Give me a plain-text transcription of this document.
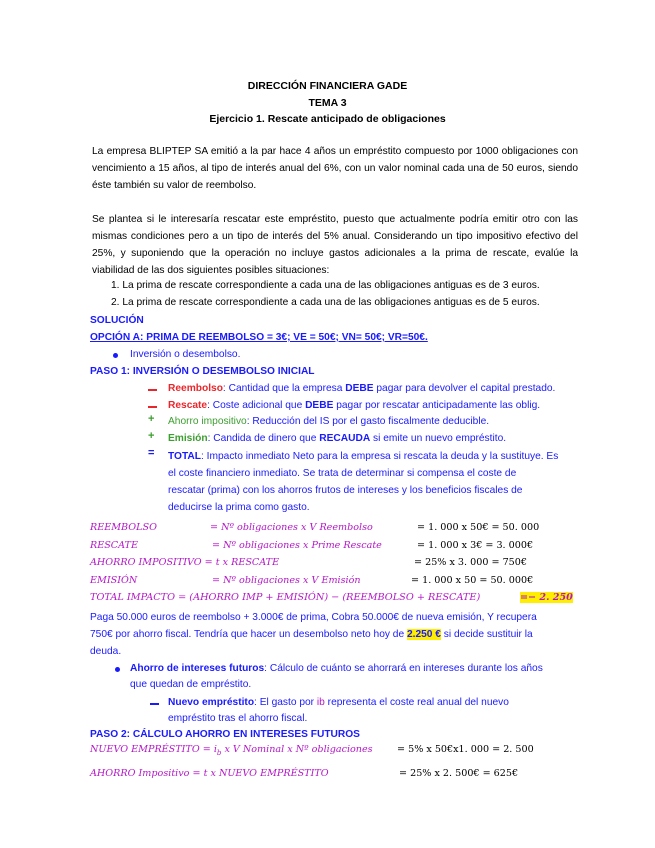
DIRECCIÓN FINANCIERA GADE
TEMA 3
Ejercicio 1. Rescate anticipado de obligaciones
La empresa BLIPTEP SA emitió a la par hace 4 años un empréstito compuesto por 1000 obligaciones con vencimiento a 15 años, al tipo de interés anual del 6%, con un valor nominal cada una de 50 euros, siendo éste también su valor de reembolso.
Se plantea si le interesaría rescatar este empréstito, puesto que actualmente podría emitir otro con las mismas condiciones pero a un tipo de interés del 5% anual. Considerando un tipo impositivo efectivo del 25%, y suponiendo que la operación no incluye gastos adicionales a la prima de rescate, evalúe la viabilidad de las dos siguientes posibles situaciones:
1. La prima de rescate correspondiente a cada una de las obligaciones antiguas es de 3 euros.
2. La prima de rescate correspondiente a cada una de las obligaciones antiguas es de 5 euros.
SOLUCIÓN
OPCIÓN A: PRIMA DE REEMBOLSO = 3€; VE = 50€; VN= 50€; VR=50€.
Inversión o desembolso.
PASO 1: INVERSIÓN O DESEMBOLSO INICIAL
Reembolso: Cantidad que la empresa DEBE pagar para devolver el capital prestado.
Rescate: Coste adicional que DEBE pagar por rescatar anticipadamente las oblig.
+ Ahorro impositivo: Reducción del IS por el gasto fiscalmente deducible.
+ Emisión: Candida de dinero que RECAUDA si emite un nuevo empréstito.
= TOTAL: Impacto inmediato Neto para la empresa si rescata la deuda y la sustituye. Es
el coste financiero inmediato. Se trata de determinar si compensa el coste de
rescatar (prima) con los ahorros frutos de intereses y los beneficios fiscales de
deducirse la prima como gasto.
REEMBOLSO	= Nº obligaciones x V Reembolso	= 1. 000 x 50€ = 50. 000
RESCATE	= Nº obligaciones x Prime Rescate	= 1. 000 x 3€ = 3. 000€
AHORRO IMPOSITIVO = t x RESCATE	= 25% x 3. 000 = 750€
EMISIÓN	= Nº obligaciones x V Emisión	= 1. 000 x 50 = 50. 000€
TOTAL IMPACTO = (AHORRO IMP + EMISIÓN) − (REEMBOLSO + RESCATE)	=− 2. 250
Paga 50.000 euros de reembolso + 3.000€ de prima, Cobra 50.000€ de nueva emisión, Y recupera
750€ por ahorro fiscal. Tendría que hacer un desembolso neto hoy de 2.250 € si decide sustituir la
deuda.
Ahorro de intereses futuros: Cálculo de cuánto se ahorrará en intereses durante los años
que quedan de empréstito.
Nuevo empréstito: El gasto por ib representa el coste real anual del nuevo
empréstito tras el ahorro fiscal.
PASO 2: CÁLCULO AHORRO EN INTERESES FUTUROS
NUEVO EMPRÉSTITO = $i_b$ x V Nominal x Nº obligaciones	= 5% x 50€x1. 000 = 2. 500
AHORRO Impositivo = t x NUEVO EMPRÉSTITO	= 25% x 2. 500€ = 625€
